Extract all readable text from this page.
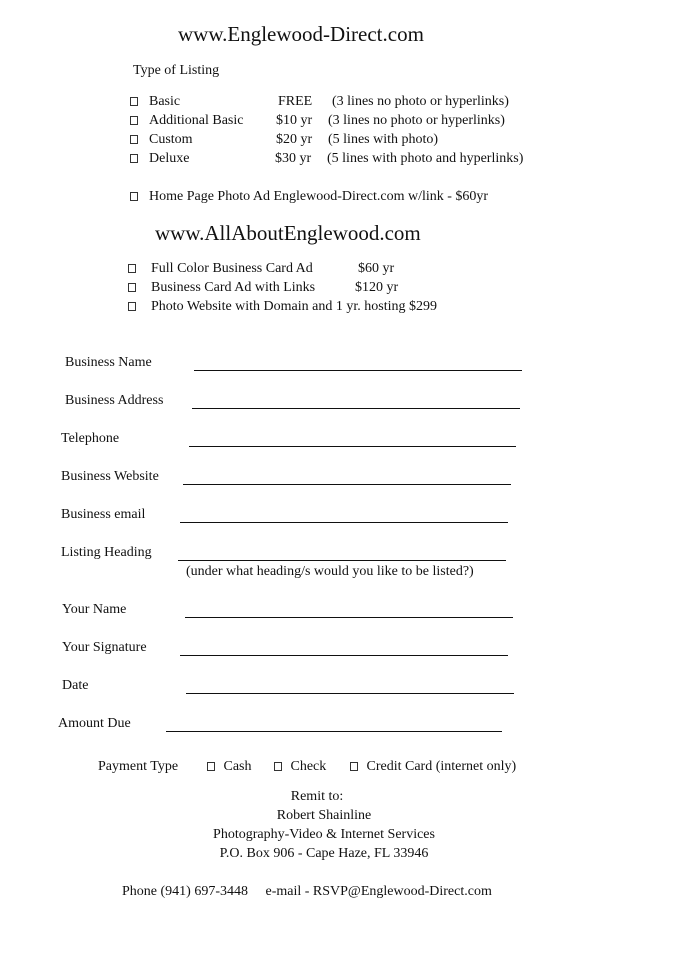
www.Englewood-Direct.com
Type of Listing
Basic	FREE (3 lines no photo or hyperlinks)
Additional Basic $10 yr (3 lines no photo or hyperlinks)
Custom	$20 yr (5 lines with photo)
Deluxe	$30 yr (5 lines with photo and hyperlinks)
Home Page Photo Ad Englewood-Direct.com w/link - $60yr
www.AllAboutEnglewood.com
Full Color Business Card Ad	$60 yr
Business Card Ad with Links	$120 yr
Photo Website with Domain and 1 yr. hosting $299
Business Name
Business Address
Telephone
Business Website
Business email
Listing Heading
(under what heading/s would you like to be listed?)
Your Name
Your Signature
Date
Amount Due
Payment Type	Cash	Check	Credit Card (internet only)
Remit to:
Robert Shainline
Photography-Video & Internet Services
P.O. Box 906 - Cape Haze, FL 33946
Phone (941) 697-3448     e-mail - RSVP@Englewood-Direct.com
